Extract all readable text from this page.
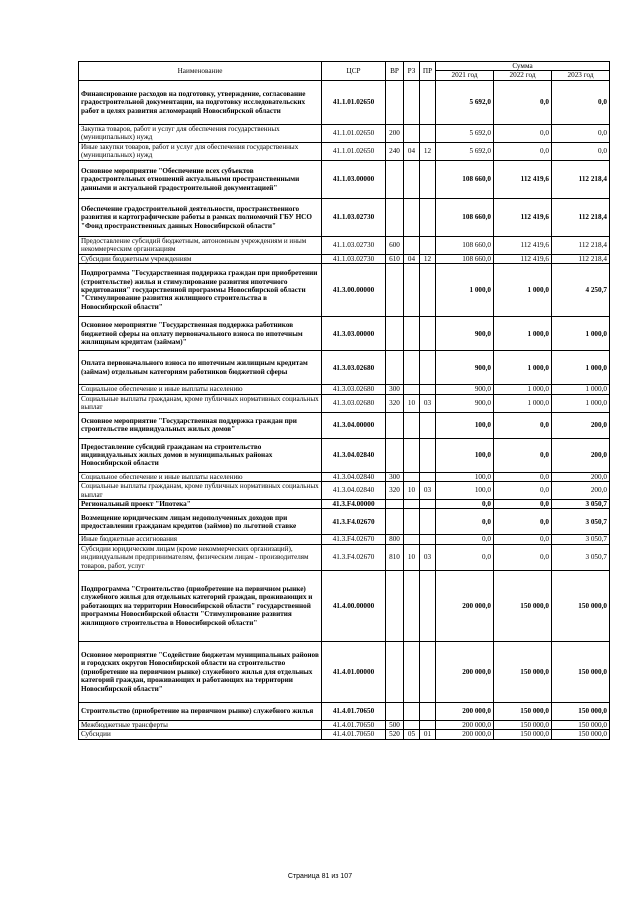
Наименование	ЦСР	ВР	РЗ	ПР	Сумма		
					2021 год	2022 год	2023 год
Финансирование расходов на подготовку, утверждение, согласование градостроительной документации, на подготовку исследовательских работ в целях развития агломераций Новосибирской области	41.1.01.02650				5 692,0	0,0	0,0
Закупка товаров, работ и услуг для обеспечения государственных (муниципальных) нужд	41.1.01.02650	200			5 692,0	0,0	0,0
Иные закупки товаров, работ и услуг для обеспечения государственных (муниципальных) нужд	41.1.01.02650	240	04	12	5 692,0	0,0	0,0
Основное мероприятие "Обеспечение всех субъектов градостроительных отношений актуальными пространственными данными и актуальной градостроительной документацией"	41.1.03.00000				108 660,0	112 419,6	112 218,4
Обеспечение градостроительной деятельности, пространственного развития и картографические работы в рамках полномочий ГБУ НСО "Фонд пространственных данных Новосибирской области"	41.1.03.02730				108 660,0	112 419,6	112 218,4
Предоставление субсидий бюджетным, автономным учреждениям и иным некоммерческим организациям	41.1.03.02730	600			108 660,0	112 419,6	112 218,4
Субсидии бюджетным учреждениям	41.1.03.02730	610	04	12	108 660,0	112 419,6	112 218,4
Подпрограмма "Государственная поддержка граждан при приобретении (строительстве) жилья и стимулирование развития ипотечного кредитования" государственной программы Новосибирской области "Стимулирование развития жилищного строительства в Новосибирской области"	41.3.00.00000				1 000,0	1 000,0	4 250,7
Основное мероприятие "Государственная поддержка работников бюджетной сферы на оплату первоначального взноса по ипотечным жилищным кредитам (займам)"	41.3.03.00000				900,0	1 000,0	1 000,0
Оплата первоначального взноса по ипотечным жилищным кредитам (займам) отдельным категориям работников бюджетной сферы	41.3.03.02680				900,0	1 000,0	1 000,0
Социальное обеспечение и иные выплаты населению	41.3.03.02680	300			900,0	1 000,0	1 000,0
Социальные выплаты гражданам, кроме публичных нормативных социальных выплат	41.3.03.02680	320	10	03	900,0	1 000,0	1 000,0
Основное мероприятие "Государственная поддержка граждан при строительстве индивидуальных жилых домов"	41.3.04.00000				100,0	0,0	200,0
Предоставление субсидий гражданам на строительство индивидуальных жилых домов в муниципальных районах Новосибирской области	41.3.04.02840				100,0	0,0	200,0
Социальное обеспечение и иные выплаты населению	41.3.04.02840	300			100,0	0,0	200,0
Социальные выплаты гражданам, кроме публичных нормативных социальных выплат	41.3.04.02840	320	10	03	100,0	0,0	200,0
Региональный проект "Ипотека"	41.3.F4.00000				0,0	0,0	3 050,7
Возмещение юридическим лицам недополученных доходов при предоставлении гражданам кредитов (займов) по льготной ставке	41.3.F4.02670				0,0	0,0	3 050,7
Иные бюджетные ассигнования	41.3.F4.02670	800			0,0	0,0	3 050,7
Субсидии юридическим лицам (кроме некоммерческих организаций), индивидуальным предпринимателям, физическим лицам - производителям товаров, работ, услуг	41.3.F4.02670	810	10	03	0,0	0,0	3 050,7
Подпрограмма "Строительство (приобретение на первичном рынке) служебного жилья для отдельных категорий граждан, проживающих и работающих на территории Новосибирской области" государственной программы Новосибирской области "Стимулирование развития жилищного строительства в Новосибирской области"	41.4.00.00000				200 000,0	150 000,0	150 000,0
Основное мероприятие "Содействие бюджетам муниципальных районов и городских округов Новосибирской области на строительство (приобретение на первичном рынке) служебного жилья для отдельных категорий граждан, проживающих и работающих на территории Новосибирской области"	41.4.01.00000				200 000,0	150 000,0	150 000,0
Строительство (приобретение на первичном рынке) служебного жилья	41.4.01.70650				200 000,0	150 000,0	150 000,0
Межбюджетные трансферты	41.4.01.70650	500			200 000,0	150 000,0	150 000,0
Субсидии	41.4.01.70650	520	05	01	200 000,0	150 000,0	150 000,0
Страница 81 из 107
